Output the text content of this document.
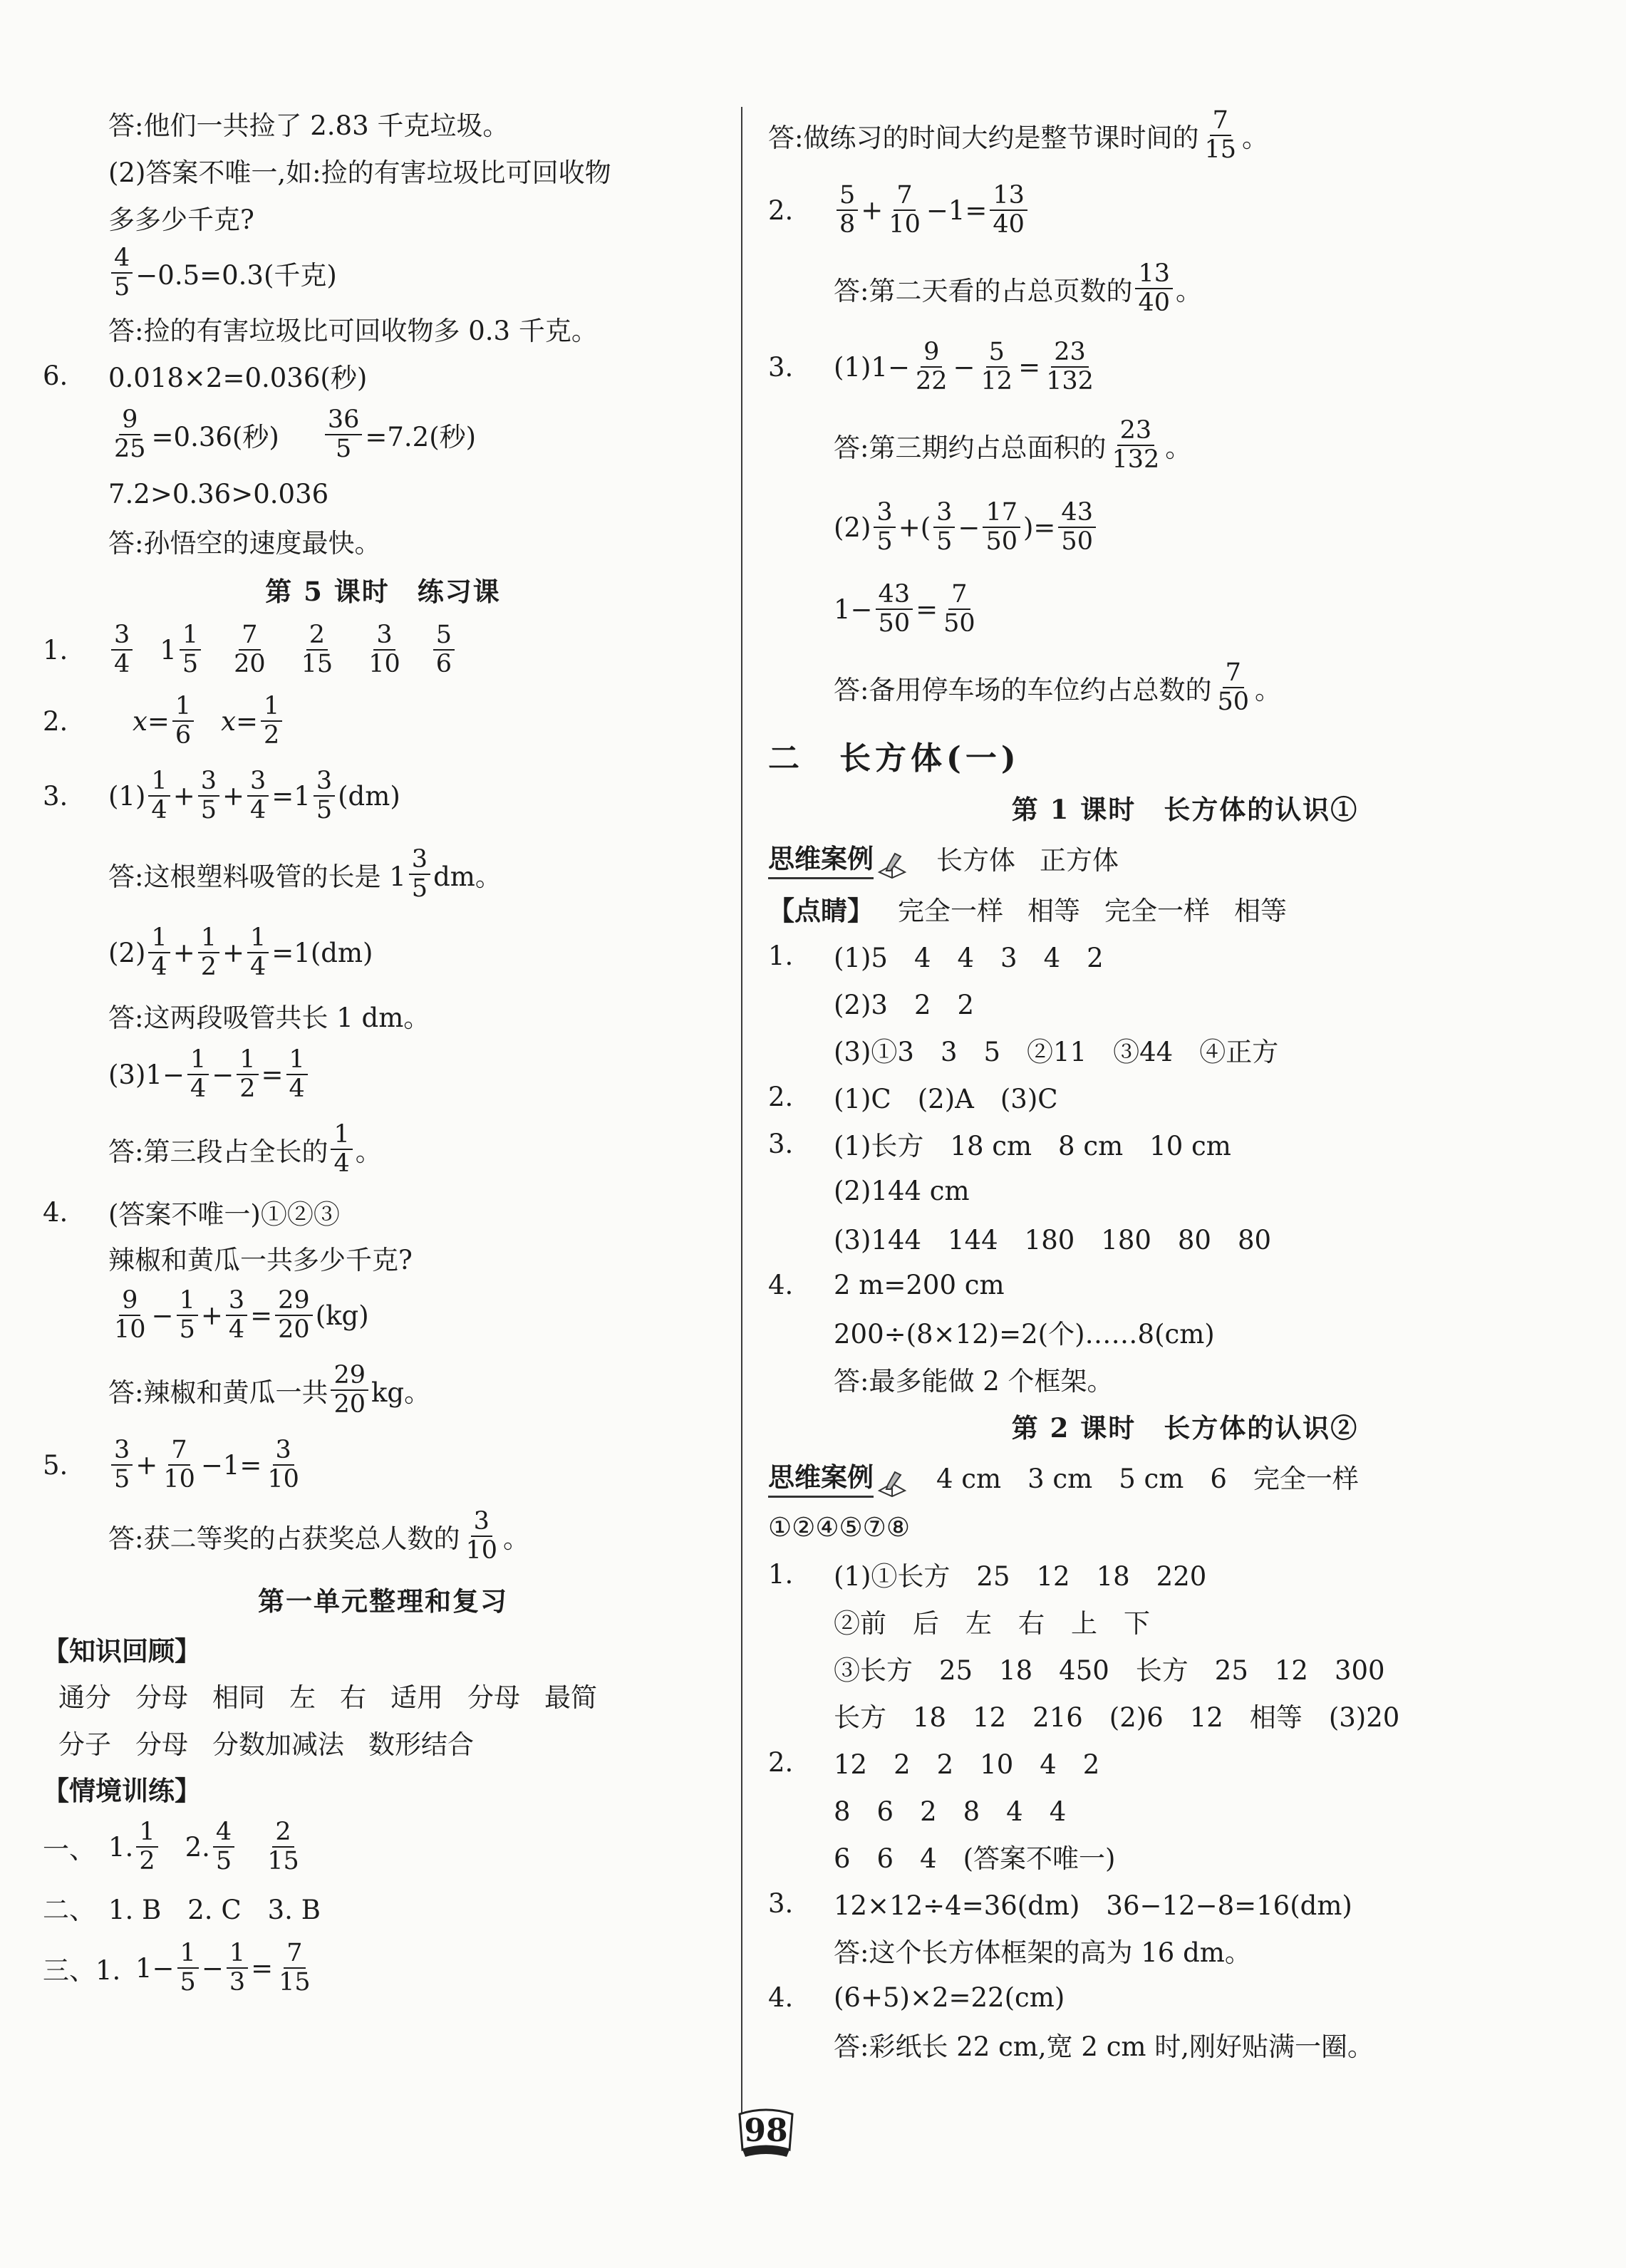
答:他们一共捡了 2.83 千克垃圾。
(2)答案不唯一,如:捡的有害垃圾比可回收物
多多少千克?
$\frac{4}{5} -0.5=0.3$(千克)
答:捡的有害垃圾比可回收物多 0.3 千克。
6.	0.018×2=0.036(秒)
$\frac{9}{25} =0.36$(秒) $\frac{36}{5} =7.2$(秒)
7.2>0.36>0.036
答:孙悟空的速度最快。
第 5 课时　练习课
1.	$\frac{3}{4} 1 \frac{1}{5} \frac{7}{20} \frac{2}{15} \frac{3}{10} \frac{5}{6}$
2.	$x= \frac{1}{6} x= \frac{1}{2}$
3.	$(1) \frac{1}{4} + \frac{3}{5} + \frac{3}{4} =1 \frac{3}{5} (dm)$
答:这根塑料吸管的长是 $1 \frac{3}{5}$ dm。
$(2) \frac{1}{4} + \frac{1}{2} + \frac{1}{4} =1(dm)$
答:这两段吸管共长 1 dm。
$(3)1- \frac{1}{4} - \frac{1}{2} = \frac{1}{4}$
答:第三段占全长的 $\frac{1}{4}$ 。
4.	(答案不唯一)①②③
辣椒和黄瓜一共多少千克?
$\frac{9}{10} - \frac{1}{5} + \frac{3}{4} = \frac{29}{20} (kg)$
答:辣椒和黄瓜一共 $\frac{29}{20}$ kg。
5.	$\frac{3}{5} + \frac{7}{10} -1= \frac{3}{10}$
答:获二等奖的占获奖总人数的 $\frac{3}{10}$ 。
第一单元整理和复习
【知识回顾】
通分 分母 相同 左 右 适用 分母 最简
分子 分母 分数加减法 数形结合
【情境训练】
一、 1. $\frac{1}{2} 2$. $\frac{4}{5} \frac{2}{15}$
二、 1. B　2. C　3. B
三、1. $1- \frac{1}{5} - \frac{1}{3} = \frac{7}{15}$
答:做练习的时间大约是整节课时间的 $\frac{7}{15}$ 。
2.	$\frac{5}{8} + \frac{7}{10} -1= \frac{13}{40}$
答:第二天看的占总页数的 $\frac{13}{40}$ 。
3.	$(1)1- \frac{9}{22} - \frac{5}{12} = \frac{23}{132}$
答:第三期约占总面积的 $\frac{23}{132}$ 。
$(2) \frac{3}{5}$ +( $\frac{3}{5} - \frac{17}{50}$ )= $\frac{43}{50}$
$1- \frac{43}{50} = \frac{7}{50}$
答:备用停车场的车位约占总数的 $\frac{7}{50}$ 。
二　长方体(一)
第 1 课时　长方体的认识①
思维案例 长方体 正方体
【点睛】 完全一样 相等 完全一样 相等
1.	(1)5　4　4　3　4　2
(2)3　2　2
(3)①3　3　5　②11　③44　④正方
2.	(1)C　(2)A　(3)C
3.	(1)长方　18 cm　8 cm　10 cm
(2)144 cm
(3)144　144　180　180　80　80
4.	2 m=200 cm
200÷(8×12)=2(个)……8(cm)
答:最多能做 2 个框架。
第 2 课时　长方体的认识②
思维案例 4 cm　3 cm　5 cm　6　完全一样
①②④⑤⑦⑧
1.	(1)①长方　25　12　18　220
②前　后　左　右　上　下
③长方　25　18　450　长方　25　12　300
长方　18　12　216　(2)6　12　相等　(3)20
2.	12　2　2　10　4　2
8　6　2　8　4　4
6　6　4　(答案不唯一)
3.	12×12÷4=36(dm)　36−12−8=16(dm)
答:这个长方体框架的高为 16 dm。
4.	(6+5)×2=22(cm)
答:彩纸长 22 cm,宽 2 cm 时,刚好贴满一圈。
98
